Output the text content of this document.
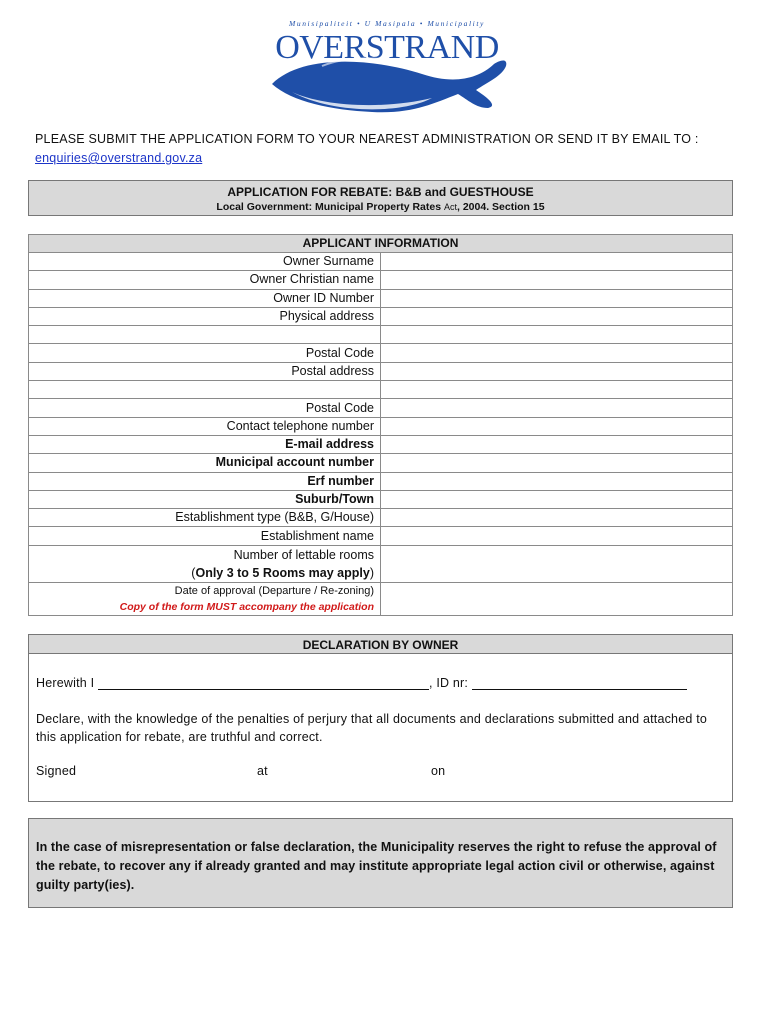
Munisipaliteit • U Masipala • Municipality
OVERSTRAND
PLEASE SUBMIT THE APPLICATION FORM TO YOUR NEAREST ADMINISTRATION OR SEND IT BY EMAIL TO :
enquiries@overstrand.gov.za
APPLICATION FOR REBATE: B&B and GUESTHOUSE
Local Government: Municipal Property Rates Act, 2004. Section 15
APPLICANT INFORMATION	
Owner Surname	
Owner Christian name	
Owner ID Number	
Physical address	

Postal Code	
Postal address	

Postal Code	
Contact telephone number	
E-mail address	
Municipal account number	
Erf number	
Suburb/Town	
Establishment type (B&B, G/House)	
Establishment name	
Number of lettable rooms
(Only 3 to 5 Rooms may apply)	
Date of approval (Departure / Re-zoning)
Copy of the form MUST accompany the application	
DECLARATION BY OWNER
Herewith I	, ID nr:
Declare, with the knowledge of the penalties of perjury that all documents and declarations submitted and attached to this application for rebate, are truthful and correct.
Signed	at	on
In the case of misrepresentation or false declaration, the Municipality reserves the right to refuse the approval of the rebate, to recover any if already granted and may institute appropriate legal action civil or otherwise, against guilty party(ies).
